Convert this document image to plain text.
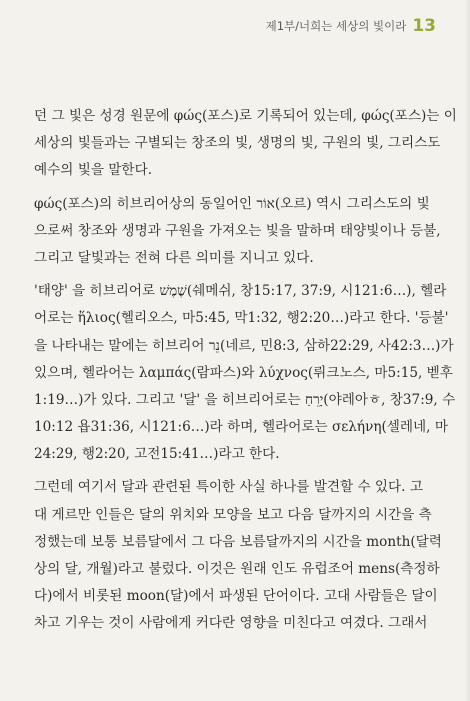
제1부/너희는 세상의 빛이라 13
던 그 빛은 성경 원문에 φώς(포스)로 기록되어 있는데, φώς(포스)는 이
세상의 빛들과는 구별되는 창조의 빛, 생명의 빛, 구원의 빛, 그리스도
예수의 빛을 말한다.
φώς(포스)의 히브리어상의 동일어인 אוֹר(오르) 역시 그리스도의 빛
으로써 창조와 생명과 구원을 가져오는 빛을 말하며 태양빛이나 등불,
그리고 달빛과는 전혀 다른 의미를 지니고 있다.
'태양' 을 히브리어로 שֶׁמֶשׁ(쉐메쉬, 창15:17, 37:9, 시121:6…), 헬라
어로는 ἥλιος(헬리오스, 마5:45, 막1:32, 행2:20…)라고 한다. '등불'
을 나타내는 말에는 히브리어 נֵר(네르, 민8:3, 삼하22:29, 사42:3…)가
있으며, 헬라어는 λαμπάς(람파스)와 λύχνος(뤼크노스, 마5:15, 벧후
1:19…)가 있다. 그리고 '달' 을 히브리어로는 יָרֵחַ(야레아ㅎ, 창37:9, 수
10:12 욥31:36, 시121:6…)라 하며, 헬라어로는 σελήνη(셀레네, 마
24:29, 행2:20, 고전15:41…)라고 한다.
그런데 여기서 달과 관련된 특이한 사실 하나를 발견할 수 있다. 고
대 게르만 인들은 달의 위치와 모양을 보고 다음 달까지의 시간을 측
정했는데 보통 보름달에서 그 다음 보름달까지의 시간을 month(달력
상의 달, 개월)라고 불렀다. 이것은 원래 인도 유럽조어 mens(측정하
다)에서 비롯된 moon(달)에서 파생된 단어이다. 고대 사람들은 달이
차고 기우는 것이 사람에게 커다란 영향을 미친다고 여겼다. 그래서
